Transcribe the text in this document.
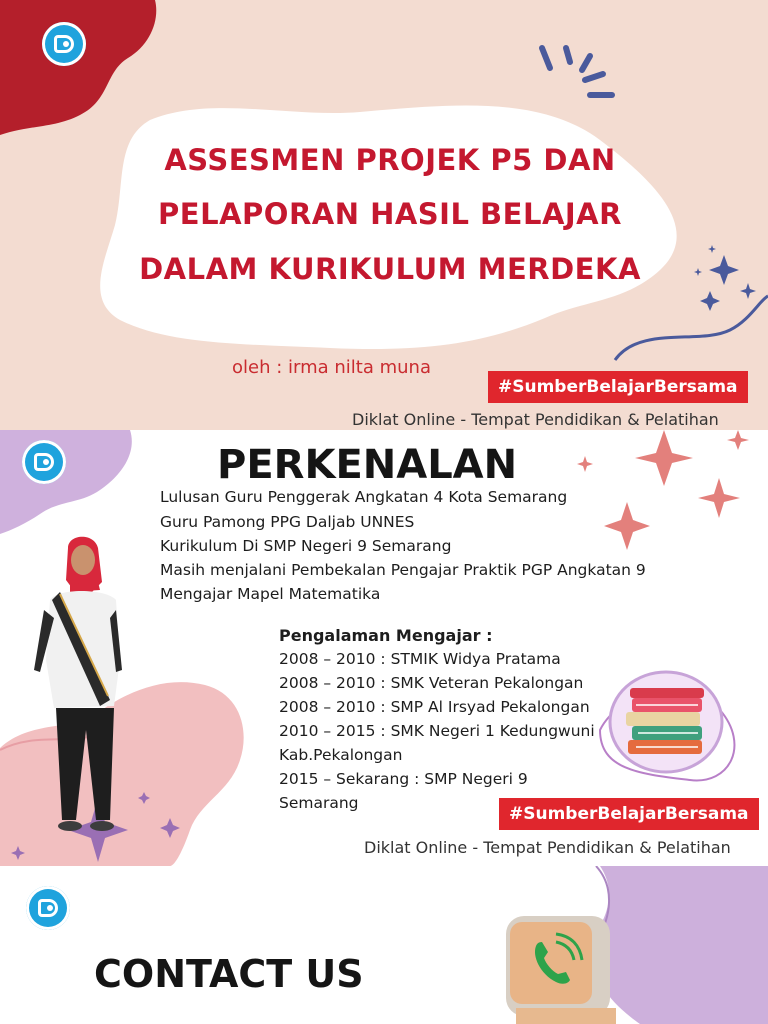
ASSESMEN PROJEK P5 DAN
PELAPORAN HASIL BELAJAR
DALAM KURIKULUM MERDEKA
oleh : irma nilta muna
#SumberBelajarBersama
Diklat Online - Tempat Pendidikan & Pelatihan
PERKENALAN
Lulusan Guru Penggerak Angkatan 4 Kota Semarang
Guru Pamong PPG Daljab UNNES
Kurikulum Di SMP Negeri 9 Semarang
Masih menjalani Pembekalan Pengajar Praktik PGP Angkatan 9
Mengajar Mapel Matematika
Pengalaman Mengajar :
2008 – 2010 : STMIK Widya Pratama
2008 – 2010 : SMK Veteran Pekalongan
2008 – 2010 : SMP Al Irsyad Pekalongan
2010 – 2015 : SMK Negeri 1 Kedungwuni
Kab.Pekalongan
2015 – Sekarang : SMP Negeri 9
Semarang
#SumberBelajarBersama
Diklat Online - Tempat Pendidikan & Pelatihan
CONTACT US
